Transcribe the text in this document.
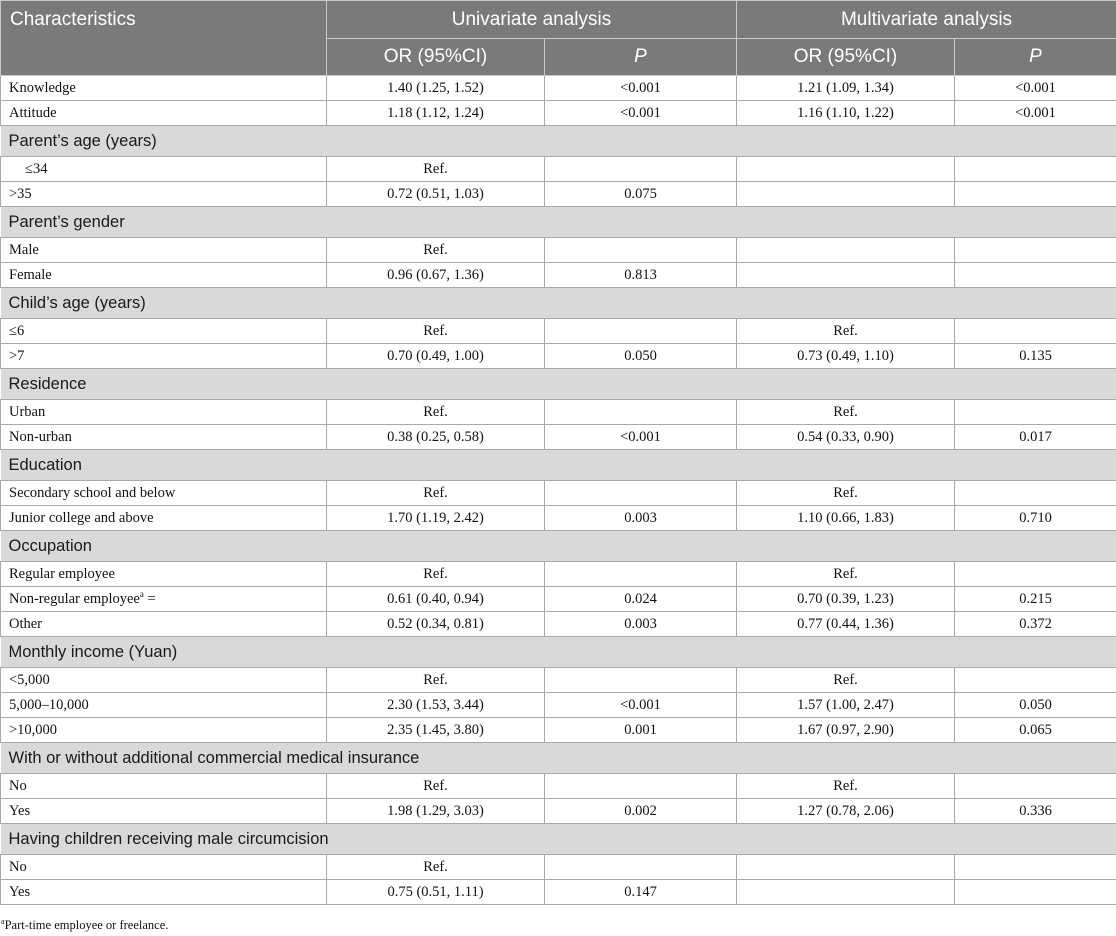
Characteristics	Univariate analysis		Multivariate analysis	
	OR (95%CI)	P	OR (95%CI)	P
Knowledge	1.40 (1.25, 1.52)	<0.001	1.21 (1.09, 1.34)	<0.001
Attitude	1.18 (1.12, 1.24)	<0.001	1.16 (1.10, 1.22)	<0.001
Parent’s age (years)				
≤34	Ref.			
>35	0.72 (0.51, 1.03)	0.075		
Parent’s gender				
Male	Ref.			
Female	0.96 (0.67, 1.36)	0.813		
Child’s age (years)				
≤6	Ref.		Ref.	
>7	0.70 (0.49, 1.00)	0.050	0.73 (0.49, 1.10)	0.135
Residence				
Urban	Ref.		Ref.	
Non-urban	0.38 (0.25, 0.58)	<0.001	0.54 (0.33, 0.90)	0.017
Education				
Secondary school and below	Ref.		Ref.	
Junior college and above	1.70 (1.19, 2.42)	0.003	1.10 (0.66, 1.83)	0.710
Occupation				
Regular employee	Ref.		Ref.	
Non-regular employee$^a$ =	0.61 (0.40, 0.94)	0.024	0.70 (0.39, 1.23)	0.215
Other	0.52 (0.34, 0.81)	0.003	0.77 (0.44, 1.36)	0.372
Monthly income (Yuan)				
<5,000	Ref.		Ref.	
5,000–10,000	2.30 (1.53, 3.44)	<0.001	1.57 (1.00, 2.47)	0.050
>10,000	2.35 (1.45, 3.80)	0.001	1.67 (0.97, 2.90)	0.065
With or without additional commercial medical insurance				
No	Ref.		Ref.	
Yes	1.98 (1.29, 3.03)	0.002	1.27 (0.78, 2.06)	0.336
Having children receiving male circumcision				
No	Ref.			
Yes	0.75 (0.51, 1.11)	0.147		
$^a$Part-time employee or freelance.
